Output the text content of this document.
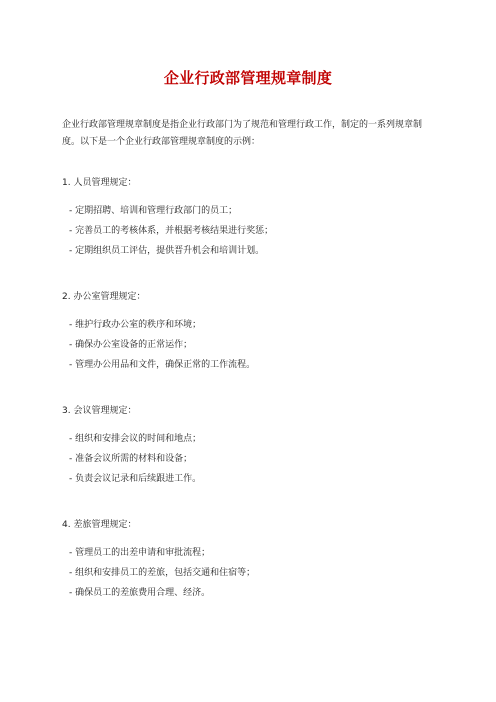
企业行政部管理规章制度
企业行政部管理规章制度是指企业行政部门为了规范和管理行政工作，制定的一系列规章制度。以下是一个企业行政部管理规章制度的示例：
1. 人员管理规定：
- 定期招聘、培训和管理行政部门的员工；
- 完善员工的考核体系，并根据考核结果进行奖惩；
- 定期组织员工评估，提供晋升机会和培训计划。
2. 办公室管理规定：
- 维护行政办公室的秩序和环境；
- 确保办公室设备的正常运作；
- 管理办公用品和文件，确保正常的工作流程。
3. 会议管理规定：
- 组织和安排会议的时间和地点；
- 准备会议所需的材料和设备；
- 负责会议记录和后续跟进工作。
4. 差旅管理规定：
- 管理员工的出差申请和审批流程；
- 组织和安排员工的差旅，包括交通和住宿等；
- 确保员工的差旅费用合理、经济。
